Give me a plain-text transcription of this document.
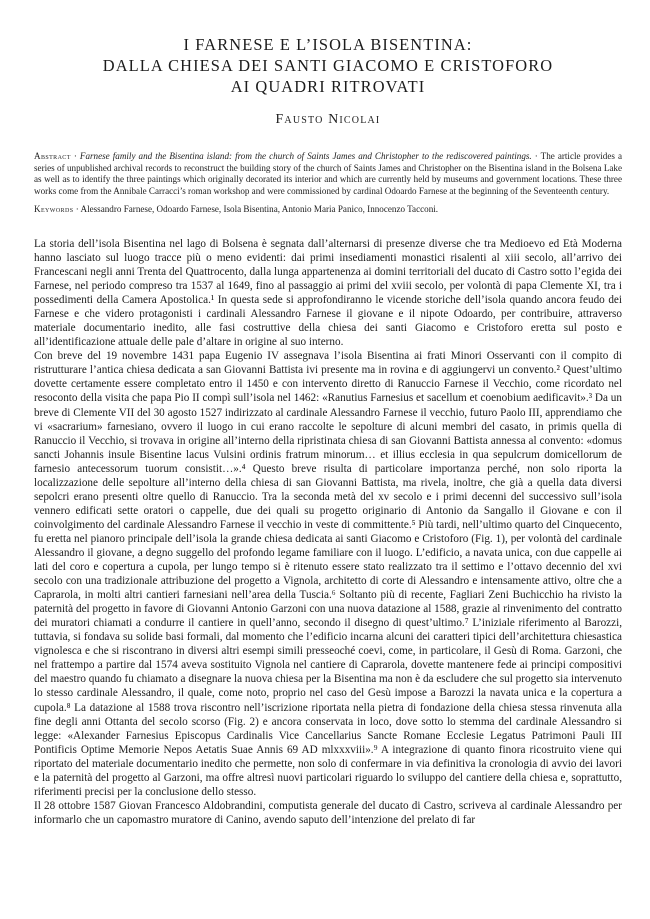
I FARNESE E L’ISOLA BISENTINA:
DALLA CHIESA DEI SANTI GIACOMO E CRISTOFORO
AI QUADRI RITROVATI
Fausto Nicolai
Abstract · Farnese family and the Bisentina island: from the church of Saints James and Christopher to the rediscovered paintings. · The article provides a series of unpublished archival records to reconstruct the building story of the church of Saints James and Christopher on the Bisentina island in the Bolsena Lake as well as to identify the three paintings which originally decorated its interior and which are currently held by museums and government locations. These three works come from the Annibale Carracci’s roman workshop and were commissioned by cardinal Odoardo Farnese at the beginning of the Seventeenth century.
Keywords · Alessandro Farnese, Odoardo Farnese, Isola Bisentina, Antonio Maria Panico, Innocenzo Tacconi.

La storia dell’isola Bisentina nel lago di Bolsena è segnata dall’alternarsi di presenze diverse che tra Medioevo ed Età Moderna hanno lasciato sul luogo tracce più o meno evidenti: dai primi insediamenti monastici risalenti al xiii secolo, all’arrivo dei Francescani negli anni Trenta del Quattrocento, dalla lunga appartenenza ai domini territoriali del ducato di Castro sotto l’egida dei Farnese, nel periodo compreso tra 1537 al 1649, fino al passaggio ai primi del xviii secolo, per volontà di papa Clemente XI, tra i possedimenti della Camera Apostolica.¹ In questa sede si approfondiranno le vicende storiche dell’isola quando ancora feudo dei Farnese e che videro protagonisti i cardinali Alessandro Farnese il giovane e il nipote Odoardo, per contribuire, attraverso materiale documentario inedito, alle fasi costruttive della chiesa dei santi Giacomo e Cristoforo eretta sul posto e all’identificazione attuale delle pale d’altare in origine al suo interno.

Con breve del 19 novembre 1431 papa Eugenio IV assegnava l’isola Bisentina ai frati Minori Osservanti con il compito di ristrutturare l’antica chiesa dedicata a san Giovanni Battista ivi presente ma in rovina e di aggiungervi un convento.² Quest’ultimo dovette certamente essere completato entro il 1450 e con intervento diretto di Ranuccio Farnese il Vecchio, come ricordato nel resoconto della visita che papa Pio II compì sull’isola nel 1462: «Ranutius Farnesius et sacellum et coenobium aedificavit».³ Da un breve di Clemente VII del 30 agosto 1527 indirizzato al cardinale Alessandro Farnese il vecchio, futuro Paolo III, apprendiamo che vi «sacrarium» farnesiano, ovvero il luogo in cui erano raccolte le sepolture di alcuni membri del casato, in primis quella di Ranuccio il Vecchio, si trovava in origine all’interno della ripristinata chiesa di san Giovanni Battista annessa al convento: «domus sancti Johannis insule Bisentine lacus Vulsini ordinis fratrum minorum… et illius ecclesia in qua sepulcrum domicellorum de farnesio antecessorum tuorum consistit…».⁴ Questo breve risulta di particolare importanza perché, non solo riporta la localizzazione delle sepolture all’interno della chiesa di san Giovanni Battista, ma rivela, inoltre, che già a quella data diversi sepolcri erano presenti oltre quello di Ranuccio. Tra la seconda metà del xv secolo e i primi decenni del successivo sull’isola vennero edificati sette oratori o cappelle, due dei quali su progetto originario di Antonio da Sangallo il Giovane e con il coinvolgimento del cardinale Alessandro Farnese il vecchio in veste di committente.⁵ Più tardi, nell’ultimo quarto del Cinquecento, fu eretta nel pianoro principale dell’isola la grande chiesa dedicata ai santi Giacomo e Cristoforo (Fig. 1), per volontà del cardinale Alessandro il giovane, a degno suggello del profondo legame familiare con il luogo. L’edificio, a navata unica, con due cappelle ai lati del coro e copertura a cupola, per lungo tempo si è ritenuto essere stato realizzato tra il settimo e l’ottavo decennio del xvi secolo con una tradizionale attribuzione del progetto a Vignola, architetto di corte di Alessandro e intensamente attivo, oltre che a Caprarola, in molti altri cantieri farnesiani nell’area della Tuscia.⁶ Soltanto più di recente, Fagliari Zeni Buchicchio ha rivisto la paternità del progetto in favore di Giovanni Antonio Garzoni con una nuova datazione al 1588, grazie al rinvenimento del contratto dei muratori chiamati a condurre il cantiere in quell’anno, secondo il disegno di quest’ultimo.⁷ L’iniziale riferimento al Barozzi, tuttavia, si fondava su solide basi formali, dal momento che l’edificio incarna alcuni dei caratteri tipici dell’architettura chiesastica vignolesca e che si riscontrano in diversi altri esempi simili presseoché coevi, come, in particolare, il Gesù di Roma. Garzoni, che nel frattempo a partire dal 1574 aveva sostituito Vignola nel cantiere di Caprarola, dovette mantenere fede ai principi compositivi del maestro quando fu chiamato a disegnare la nuova chiesa per la Bisentina ma non è da escludere che sul progetto sia intervenuto lo stesso cardinale Alessandro, il quale, come noto, proprio nel caso del Gesù impose a Barozzi la navata unica e la copertura a cupola.⁸ La datazione al 1588 trova riscontro nell’iscrizione riportata nella pietra di fondazione della chiesa stessa rinvenuta alla fine degli anni Ottanta del secolo scorso (Fig. 2) e ancora conservata in loco, dove sotto lo stemma del cardinale Alessandro si legge: «Alexander Farnesius Episcopus Cardinalis Vice Cancellarius Sancte Romane Ecclesie Legatus Patrimoni Pauli III Pontificis Optime Memorie Nepos Aetatis Suae Annis 69 AD mlxxxviii».⁹ A integrazione di quanto finora ricostruito viene qui riportato del materiale documentario inedito che permette, non solo di confermare in via definitiva la cronologia di avvio dei lavori e la paternità del progetto al Garzoni, ma offre altresì nuovi particolari riguardo lo sviluppo del cantiere della chiesa e, soprattutto, riferimenti precisi per la conclusione dello stesso.

Il 28 ottobre 1587 Giovan Francesco Aldobrandini, computista generale del ducato di Castro, scriveva al cardinale Alessandro per informarlo che un capomastro muratore di Canino, avendo saputo dell’intenzione del prelato di far
